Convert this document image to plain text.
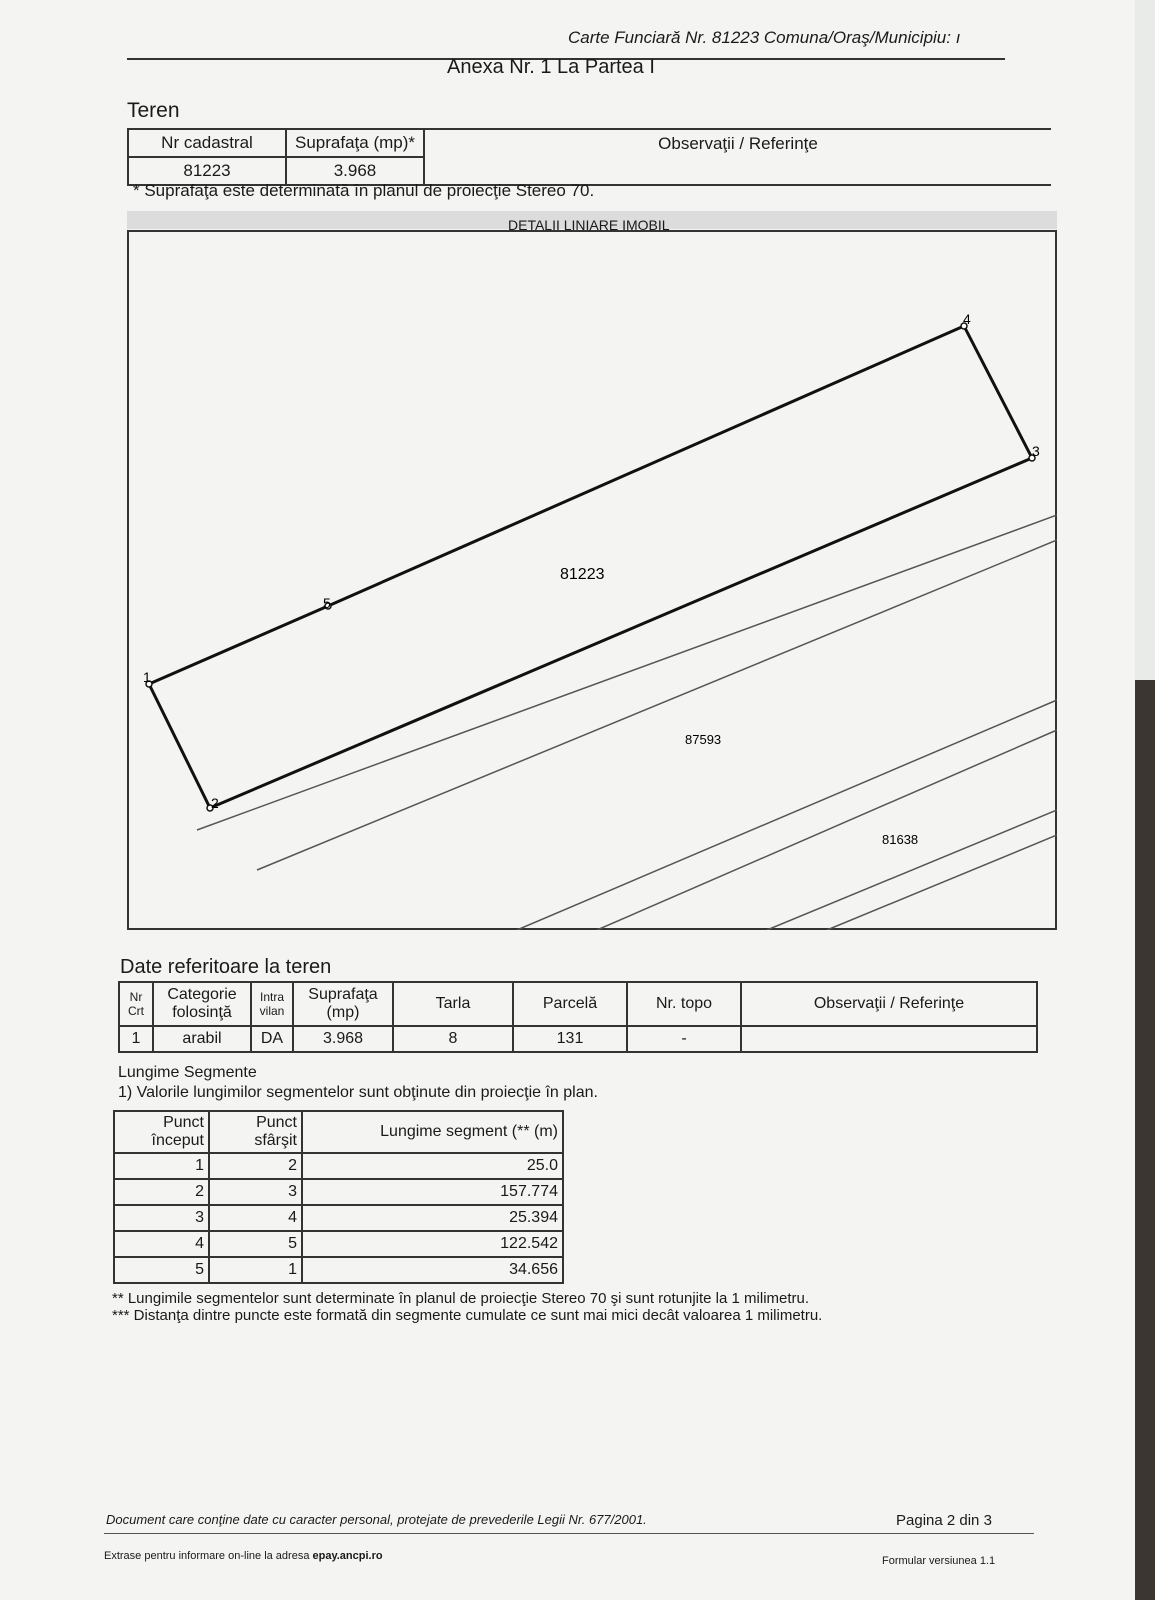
Carte Funciară Nr. 81223 Comuna/Oraş/Municipiu: ı
Anexa Nr. 1 La Partea I
Teren
Nr cadastral	Suprafaţa (mp)*	Observaţii / Referinţe
81223	3.968	
* Suprafaţa este determinată în planul de proiecţie Stereo 70.
DETALII LINIARE IMOBIL
1
2
3
4
5
81223
87593
81638
Date referitoare la teren
Nr Crt	Categorie folosinţă	Intra vilan	Suprafaţa (mp)	Tarla	Parcelă	Nr. topo	Observaţii / Referinţe
1	arabil	DA	3.968	8	131	-	
Lungime Segmente
1) Valorile lungimilor segmentelor sunt obţinute din proiecţie în plan.
Punct început	Punct sfârşit	Lungime segment (** (m)
1	2	25.0
2	3	157.774
3	4	25.394
4	5	122.542
5	1	34.656
** Lungimile segmentelor sunt determinate în planul de proiecţie Stereo 70 şi sunt rotunjite la 1 milimetru.
*** Distanţa dintre puncte este formată din segmente cumulate ce sunt mai mici decât valoarea 1 milimetru.
Document care conţine date cu caracter personal, protejate de prevederile Legii Nr. 677/2001.	Pagina 2 din 3
Extrase pentru informare on-line la adresa epay.ancpi.ro	Formular versiunea 1.1
